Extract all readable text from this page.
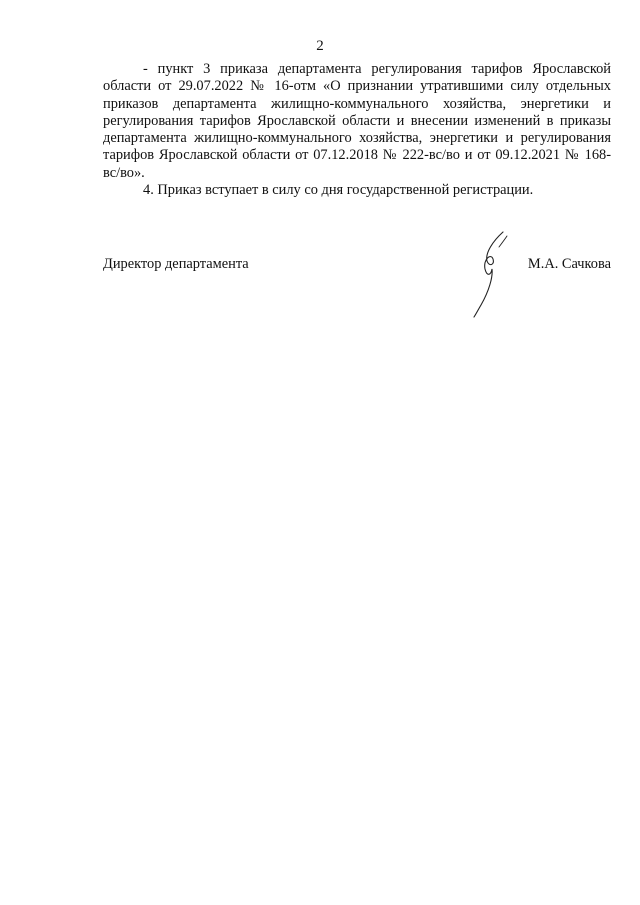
2

- пункт 3 приказа департамента регулирования тарифов Ярославской области от 29.07.2022 № 16-отм «О признании утратившими силу отдельных приказов департамента жилищно-коммунального хозяйства, энергетики и регулирования тарифов Ярославской области и внесении изменений в приказы департамента жилищно-коммунального хозяйства, энергетики и регулирования тарифов Ярославской области от 07.12.2018 № 222-вс/во и от 09.12.2021 № 168-вс/во».

4. Приказ вступает в силу со дня государственной регистрации.

Директор департамента	М.А. Сачкова
